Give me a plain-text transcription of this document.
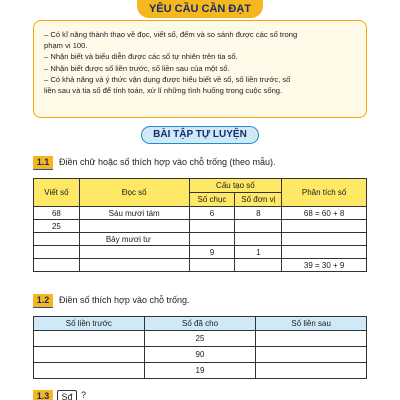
YÊU CẦU CẦN ĐẠT
– Có kĩ năng thành thạo về đọc, viết số, đếm và so sánh được các số trong
phạm vi 100.
– Nhận biết và biểu diễn được các số tự nhiên trên tia số.
– Nhận biết được số liền trước, số liền sau của một số.
– Có khả năng và ý thức vận dụng được hiểu biết về số, số liền trước, số
liền sau và tia số để tính toán, xử lí những tình huống trong cuộc sống.
BÀI TẬP TỰ LUYỆN
1.1	Điền chữ hoặc số thích hợp vào chỗ trống (theo mẫu).
Viết số	Đọc số	Cấu tạo số		Phân tích số
		Số chục	Số đơn vị	
68	Sáu mươi tám	6	8	68 = 60 + 8
25				
	Bảy mươi tư			
		9	1	
				39 = 30 + 9
1.2	Điền số thích hợp vào chỗ trống.
Số liền trước	Số đã cho	Số liền sau
	25	
	90	
	19	
1.3	Sđ ?
